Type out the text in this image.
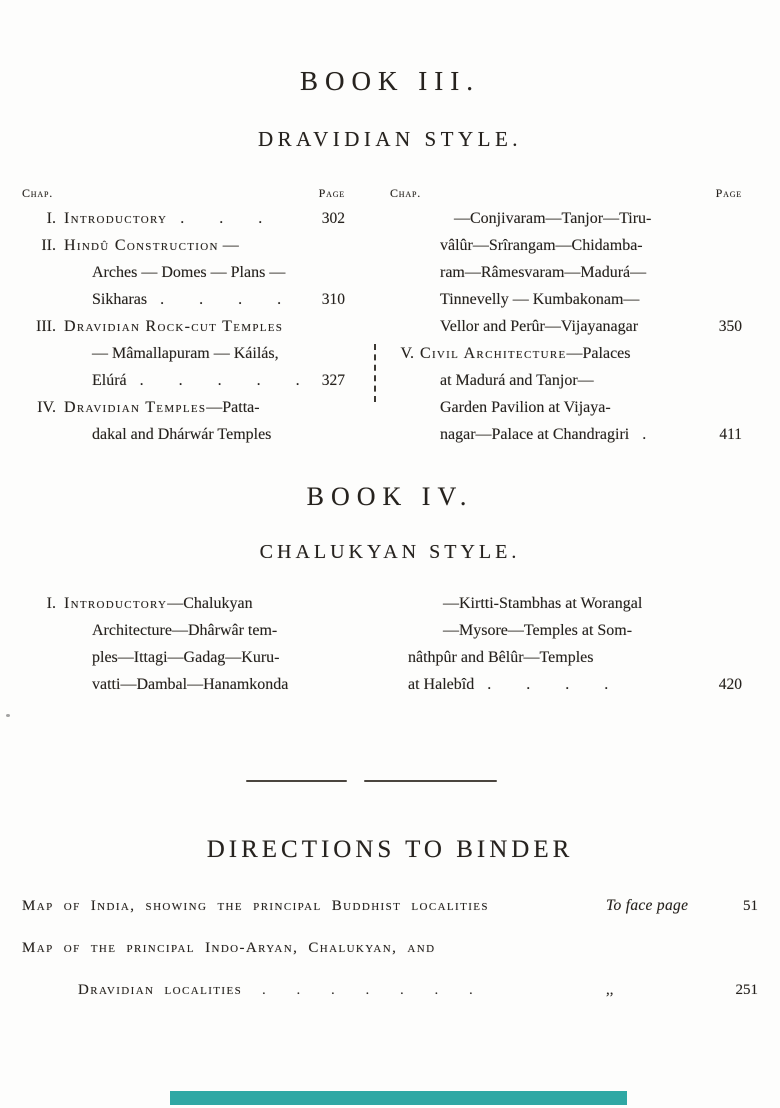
BOOK III.
DRAVIDIAN STYLE.
Chap.	Page
I. Introductory .  .  .	302
II. Hindû Construction —
Arches — Domes — Plans —
Sikharas .  .  .  .	310
III. Dravidian Rock-cut Temples
— Mâmallapuram — Káilás,
Elúrá .  .  .  .  .	327
IV. Dravidian Temples —Patta-
dakal and Dhárwár Temples
Chap.	Page
—Conjivaram—Tanjor—Tiru-
vâlûr—Srîrangam—Chidamba-
ram—Râmesvaram—Madurá—
Tinnevelly — Kumbakonam—
Vellor and Perûr—Vijayanagar	350
V. Civil Architecture —Palaces
at Madurá and Tanjor—
Garden Pavilion at Vijaya-
nagar—Palace at Chandragiri .	411
BOOK IV.
CHALUKYAN STYLE.
I. Introductory —Chalukyan
Architecture—Dhârwâr tem-
ples—Ittagi—Gadag—Kuru-
vatti—Dambal—Hanamkonda
—Kirtti-Stambhas at Worangal
—Mysore—Temples at Som-
nâthpûr and Bêlûr—Temples
at Halebîd .  .  .  .	420
DIRECTIONS TO BINDER
Map of India, showing the principal Buddhist localities	To face page	51
Map of the principal Indo-Aryan, Chalukyan, and
Dravidian localities .  .  .  .  .  .  .	,,	251
